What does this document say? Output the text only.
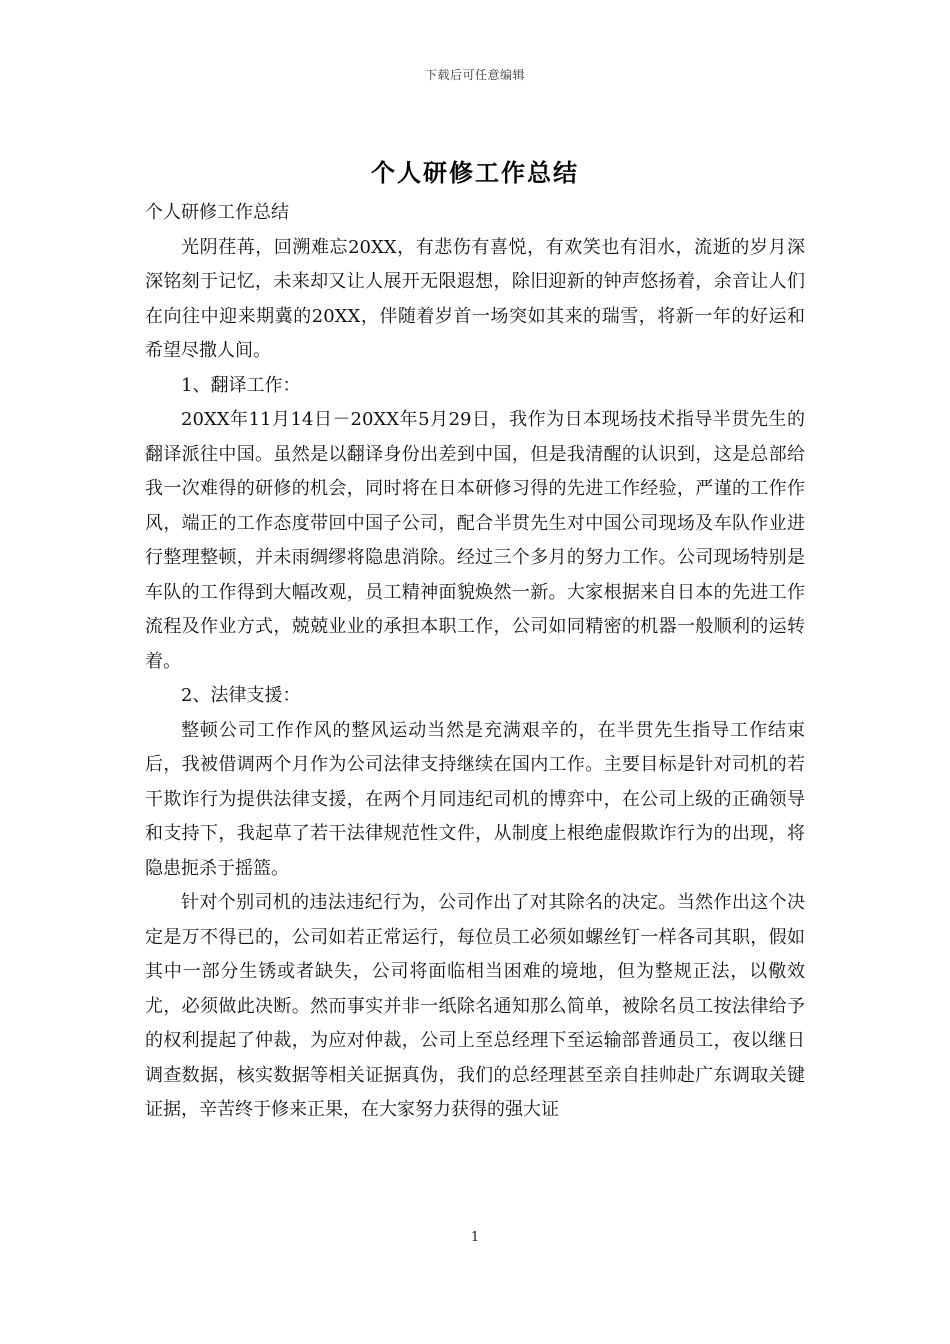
下载后可任意编辑
个人研修工作总结

个人研修工作总结

光阴荏苒，回溯难忘20XX，有悲伤有喜悦，有欢笑也有泪水，流逝的岁月深深铭刻于记忆，未来却又让人展开无限遐想，除旧迎新的钟声悠扬着，余音让人们在向往中迎来期冀的20XX，伴随着岁首一场突如其来的瑞雪，将新一年的好运和希望尽撒人间。

1、翻译工作：

20XX年11月14日－20XX年5月29日，我作为日本现场技术指导半贯先生的翻译派往中国。虽然是以翻译身份出差到中国，但是我清醒的认识到，这是总部给我一次难得的研修的机会，同时将在日本研修习得的先进工作经验，严谨的工作作风，端正的工作态度带回中国子公司，配合半贯先生对中国公司现场及车队作业进行整理整顿，并未雨绸缪将隐患消除。经过三个多月的努力工作。公司现场特别是车队的工作得到大幅改观，员工精神面貌焕然一新。大家根据来自日本的先进工作流程及作业方式，兢兢业业的承担本职工作，公司如同精密的机器一般顺利的运转着。

2、法律支援：

整顿公司工作作风的整风运动当然是充满艰辛的，在半贯先生指导工作结束后，我被借调两个月作为公司法律支持继续在国内工作。主要目标是针对司机的若干欺诈行为提供法律支援，在两个月同违纪司机的博弈中，在公司上级的正确领导和支持下，我起草了若干法律规范性文件，从制度上根绝虚假欺诈行为的出现，将隐患扼杀于摇篮。

针对个别司机的违法违纪行为，公司作出了对其除名的决定。当然作出这个决定是万不得已的，公司如若正常运行，每位员工必须如螺丝钉一样各司其职，假如其中一部分生锈或者缺失，公司将面临相当困难的境地，但为整规正法，以儆效尤，必须做此决断。然而事实并非一纸除名通知那么简单，被除名员工按法律给予的权利提起了仲裁，为应对仲裁，公司上至总经理下至运输部普通员工，夜以继日调查数据，核实数据等相关证据真伪，我们的总经理甚至亲自挂帅赴广东调取关键证据，辛苦终于修来正果，在大家努力获得的强大证

1
